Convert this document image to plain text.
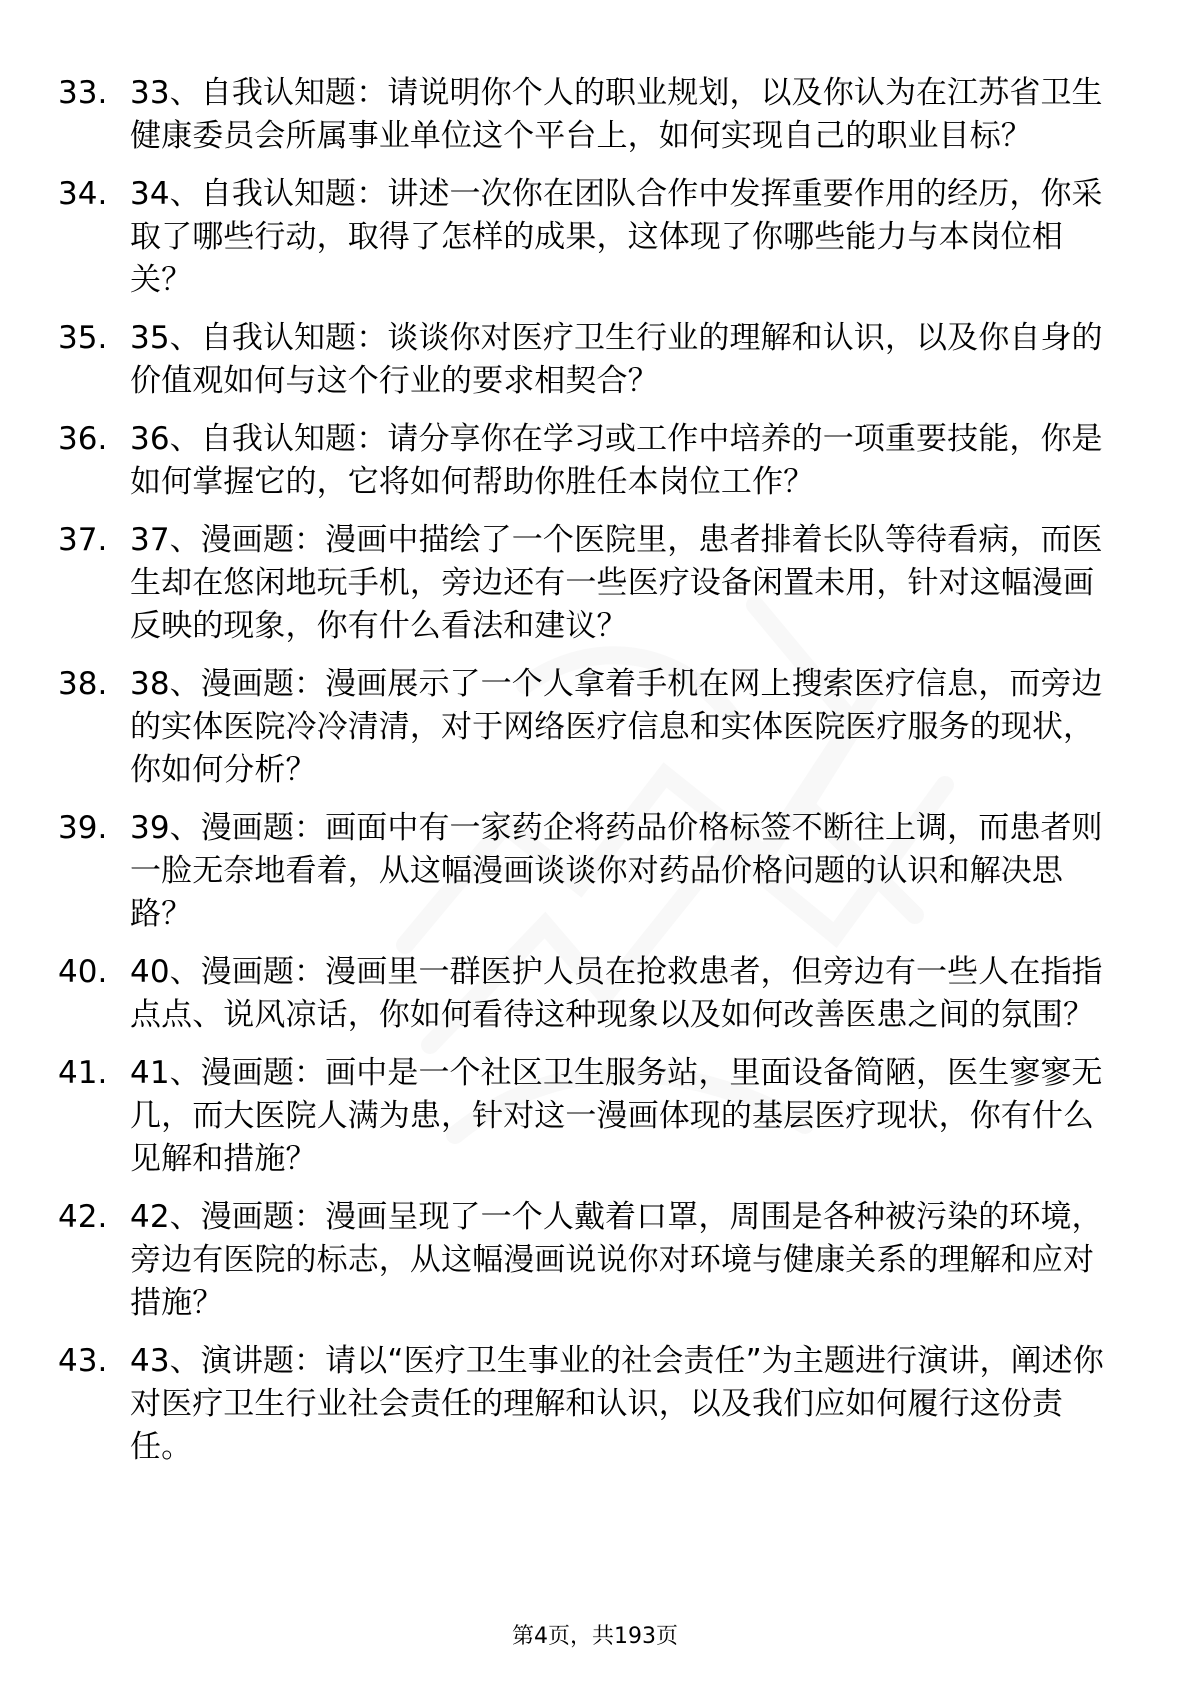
33. 33、自我认知题：请说明你个人的职业规划，以及你认为在江苏省卫生健康委员会所属事业单位这个平台上，如何实现自己的职业目标？
34. 34、自我认知题：讲述一次你在团队合作中发挥重要作用的经历，你采取了哪些行动，取得了怎样的成果，这体现了你哪些能力与本岗位相关？
35. 35、自我认知题：谈谈你对医疗卫生行业的理解和认识，以及你自身的价值观如何与这个行业的要求相契合？
36. 36、自我认知题：请分享你在学习或工作中培养的一项重要技能，你是如何掌握它的，它将如何帮助你胜任本岗位工作？
37. 37、漫画题：漫画中描绘了一个医院里，患者排着长队等待看病，而医生却在悠闲地玩手机，旁边还有一些医疗设备闲置未用，针对这幅漫画反映的现象，你有什么看法和建议？
38. 38、漫画题：漫画展示了一个人拿着手机在网上搜索医疗信息，而旁边的实体医院冷冷清清，对于网络医疗信息和实体医院医疗服务的现状，你如何分析？
39. 39、漫画题：画面中有一家药企将药品价格标签不断往上调，而患者则一脸无奈地看着，从这幅漫画谈谈你对药品价格问题的认识和解决思路？
40. 40、漫画题：漫画里一群医护人员在抢救患者，但旁边有一些人在指指点点、说风凉话，你如何看待这种现象以及如何改善医患之间的氛围？
41. 41、漫画题：画中是一个社区卫生服务站，里面设备简陋，医生寥寥无几，而大医院人满为患，针对这一漫画体现的基层医疗现状，你有什么见解和措施？
42. 42、漫画题：漫画呈现了一个人戴着口罩，周围是各种被污染的环境，旁边有医院的标志，从这幅漫画说说你对环境与健康关系的理解和应对措施？
43. 43、演讲题：请以“医疗卫生事业的社会责任”为主题进行演讲，阐述你对医疗卫生行业社会责任的理解和认识，以及我们应如何履行这份责任。
第4页，共193页
